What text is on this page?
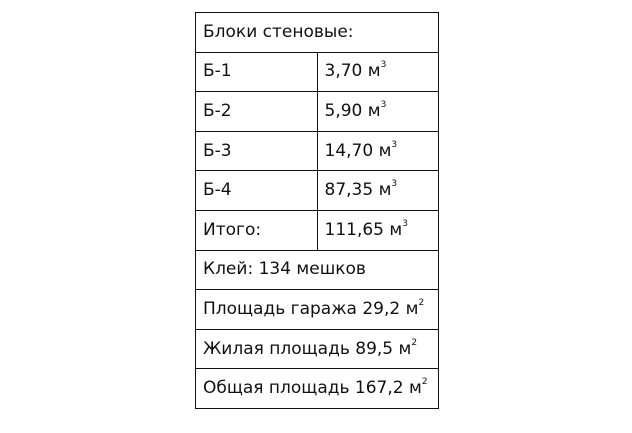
Блоки стеновые:	
Б-1	3,70 $м^3$
Б-2	5,90 $м^3$
Б-3	14,70 $м^3$
Б-4	87,35 $м^3$
Итого:	111,65 $м^3$
Клей: 134 мешков	
Площадь гаража 29,2 $м^2$
Жилая площадь 89,5 $м^2$
Общая площадь 167,2 $м^2$
